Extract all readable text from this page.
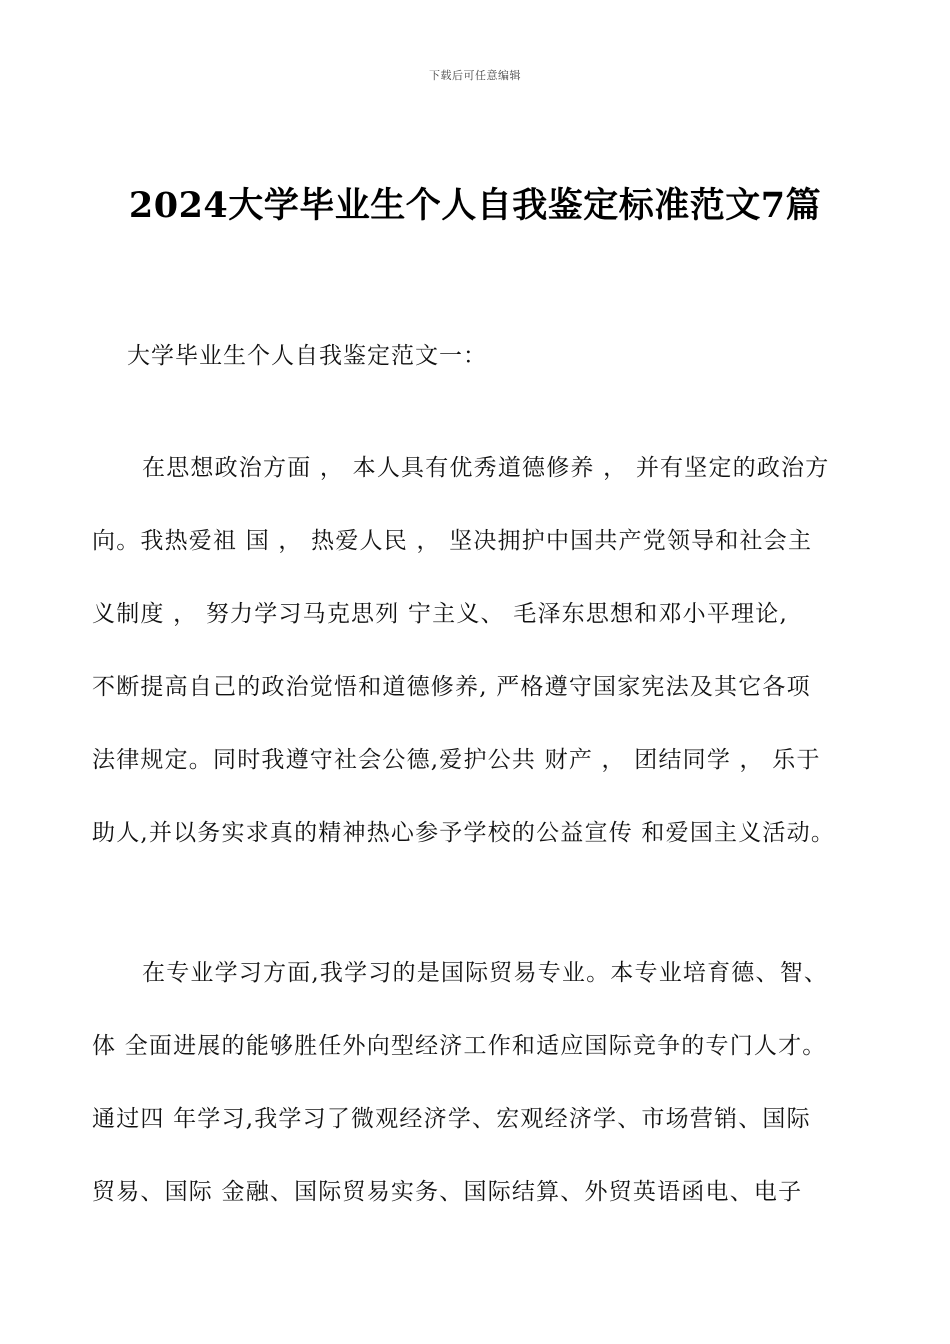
下载后可任意编辑
2024大学毕业生个人自我鉴定标准范文7篇
大学毕业生个人自我鉴定范文一：
在思想政治方面 ， 本人具有优秀道德修养 ， 并有坚定的政治方
向。我热爱祖 国 ， 热爱人民 ， 坚决拥护中国共产党领导和社会主
义制度 ， 努力学习马克思列 宁主义、 毛泽东思想和邓小平理论,
不断提高自己的政治觉悟和道德修养, 严格遵守国家宪法及其它各项
法律规定。同时我遵守社会公德,爱护公共 财产 ， 团结同学 ， 乐于
助人,并以务实求真的精神热心参予学校的公益宣传 和爱国主义活动。
在专业学习方面,我学习的是国际贸易专业。本专业培育德、智、
体 全面进展的能够胜任外向型经济工作和适应国际竞争的专门人才。
通过四 年学习,我学习了微观经济学、宏观经济学、市场营销、国际
贸易、国际 金融、国际贸易实务、国际结算、外贸英语函电、电子
